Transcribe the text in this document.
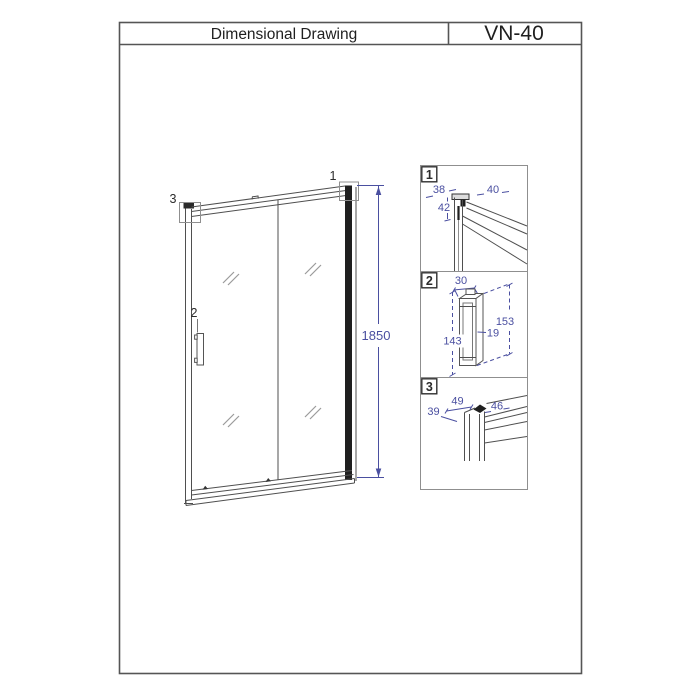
Dimensional Drawing	VN-40
1
2
3
1850
1
2
3
38	40
42
30
153
19
143
39
49 46
